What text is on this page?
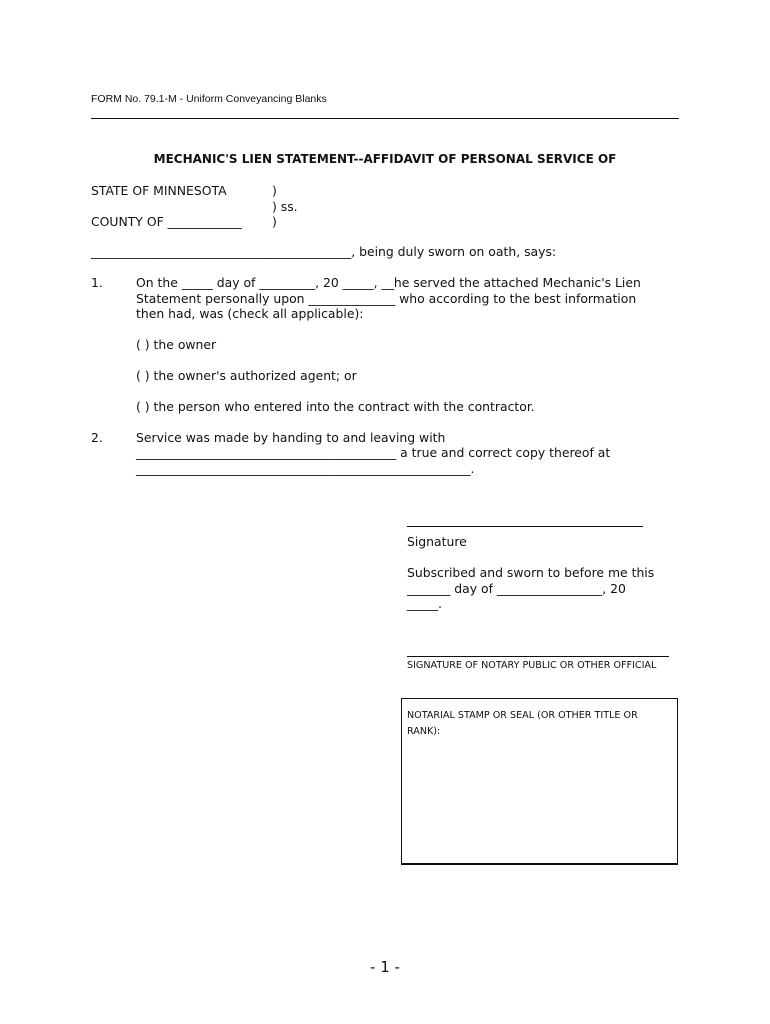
FORM No. 79.1-M - Uniform Conveyancing Blanks
MECHANIC'S LIEN STATEMENT--AFFIDAVIT OF PERSONAL SERVICE OF
STATE OF MINNESOTA	)
) ss.
COUNTY OF ____________ )
__________________________________________, being duly sworn on oath, says:
1.	On the _____ day of _________, 20 _____, __he served the attached Mechanic's Lien
Statement personally upon ______________ who according to the best information
then had, was (check all applicable):
( ) the owner
( ) the owner's authorized agent; or
( ) the person who entered into the contract with the contractor.
2.	Service was made by handing to and leaving with
__________________________________________ a true and correct copy thereof at
______________________________________________________.
Signature
Subscribed and sworn to before me this
_______ day of _________________, 20
_____.
SIGNATURE OF NOTARY PUBLIC OR OTHER OFFICIAL
NOTARIAL STAMP OR SEAL (OR OTHER TITLE OR RANK):
- 1 -
